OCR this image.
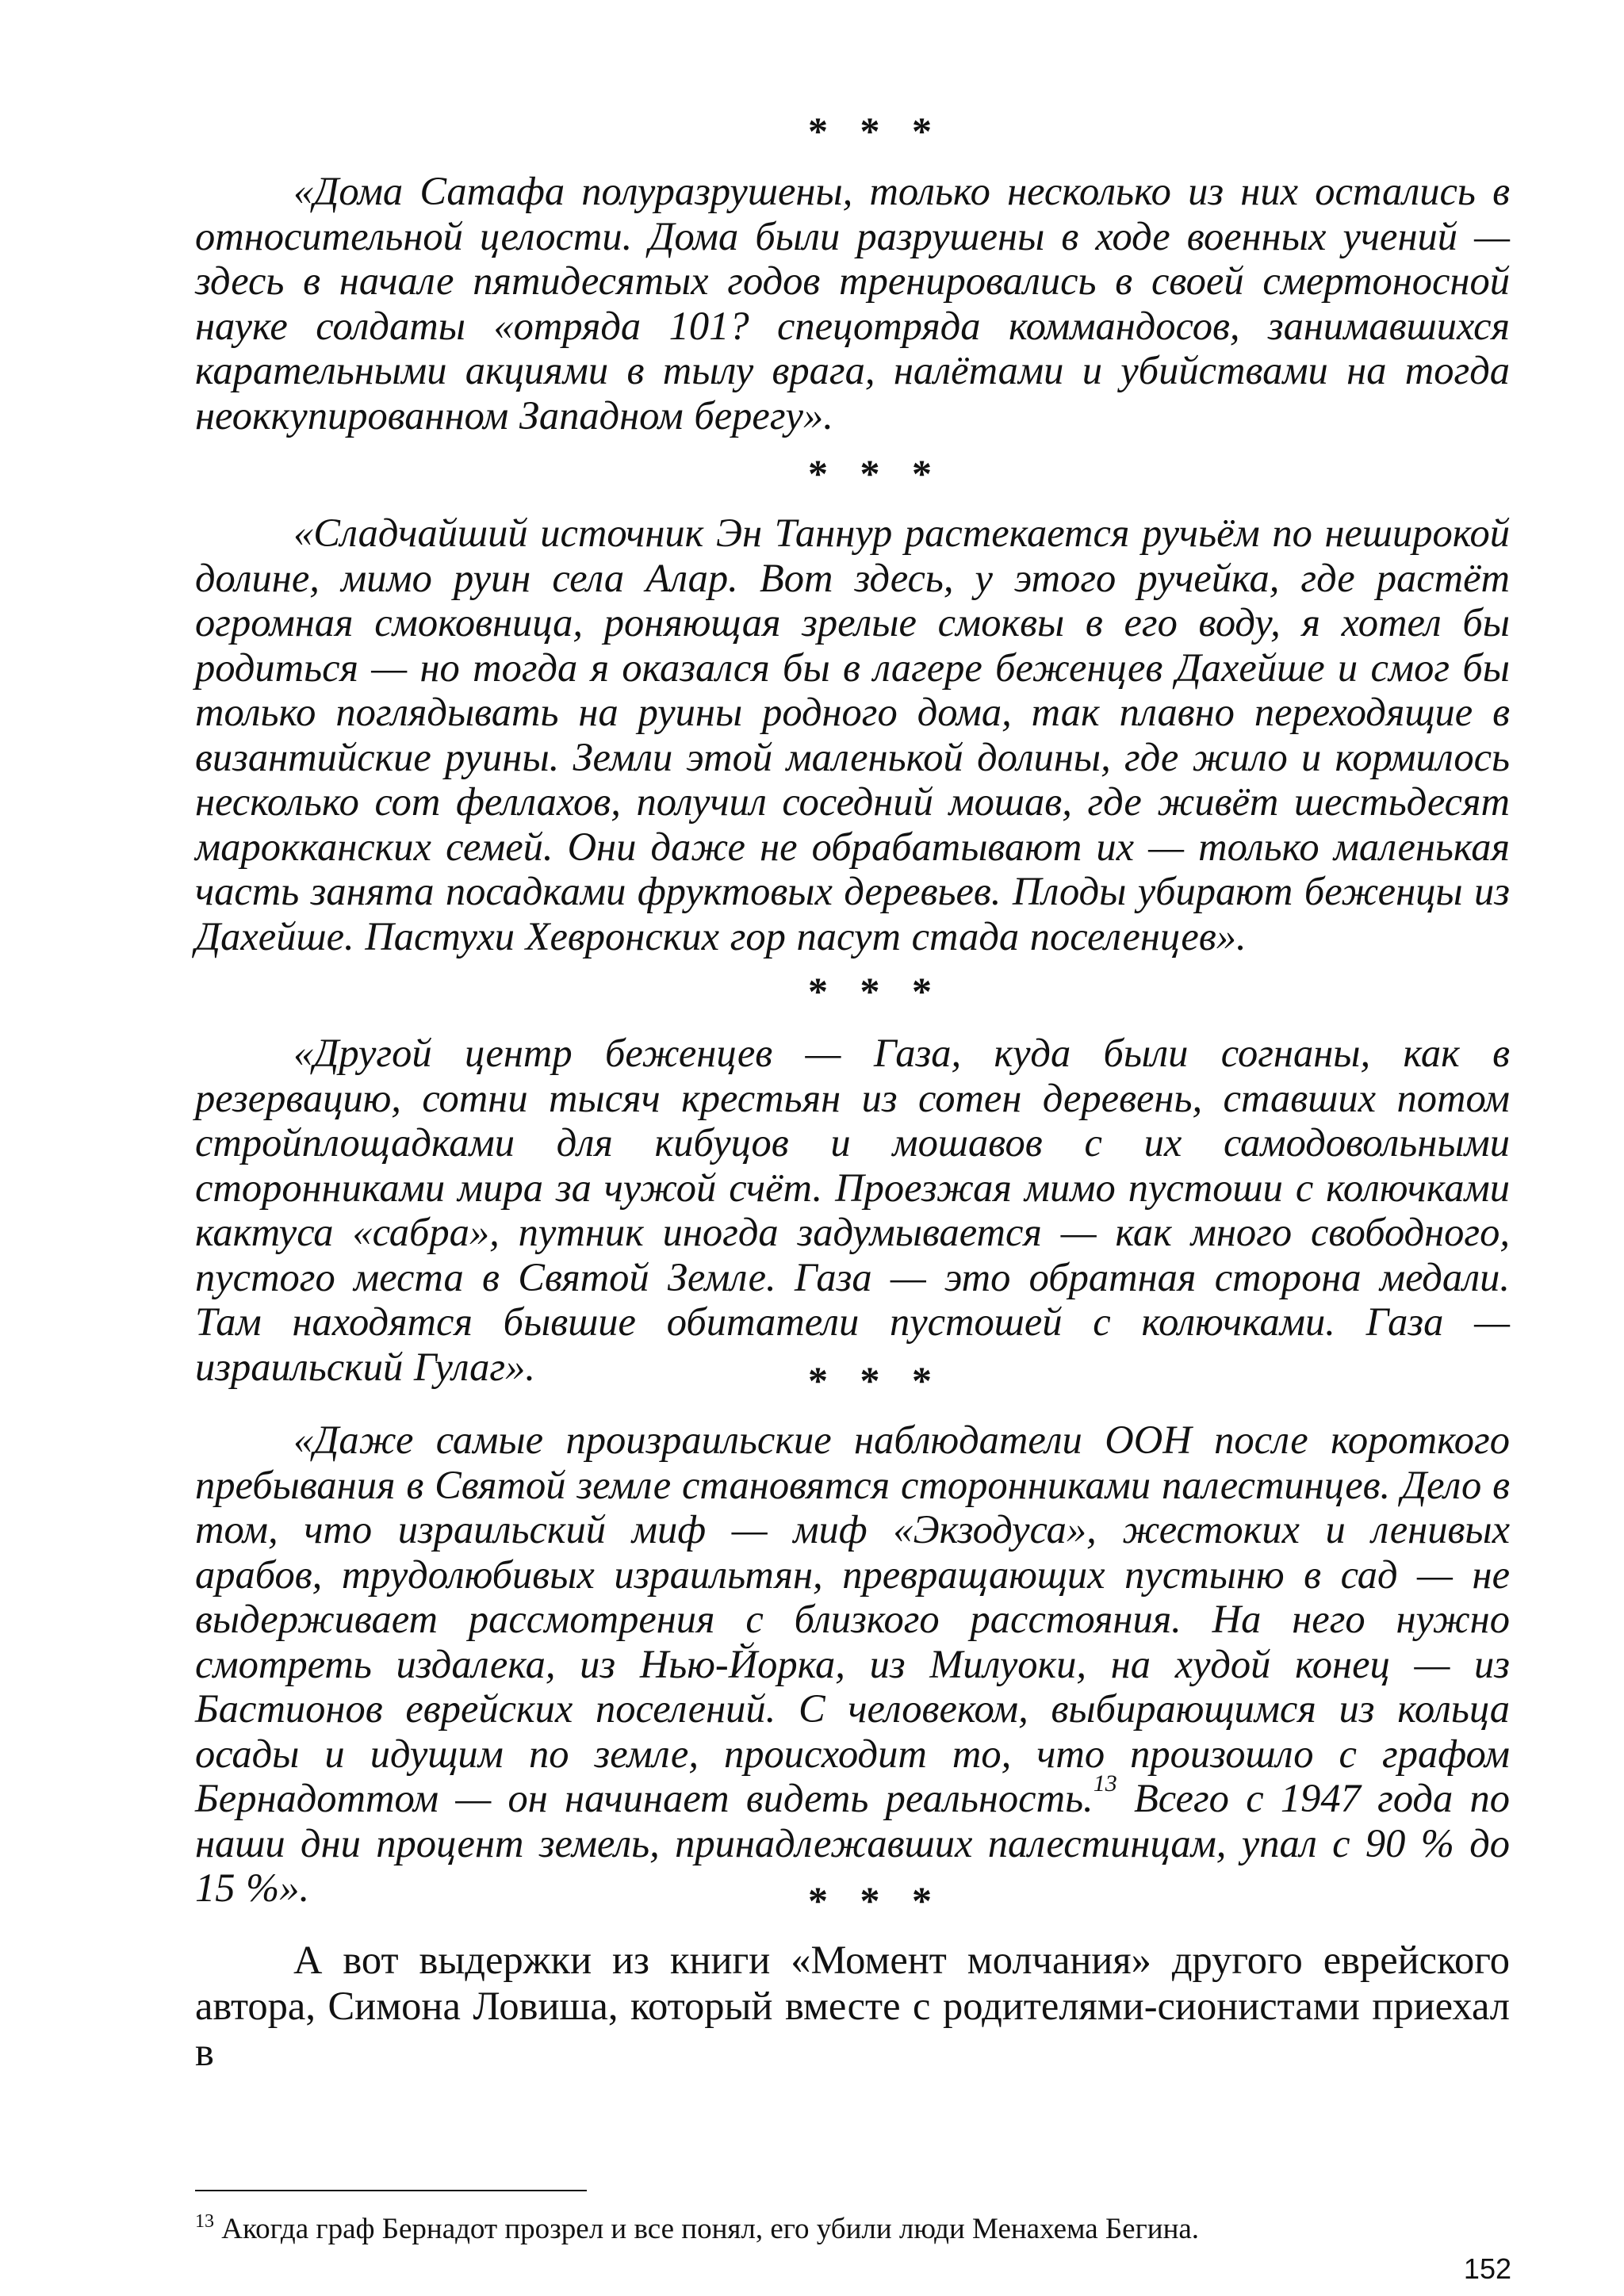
* * *

«Дома Сатафа полуразрушены, только несколько из них остались в относительной целости. Дома были разрушены в ходе военных учений — здесь в начале пятидесятых годов тренировались в своей смертоносной науке солдаты «отряда 101? спецотряда коммандосов, занимавшихся карательными акциями в тылу врага, налётами и убийствами на тогда неоккупированном Западном берегу».

* * *

«Сладчайший источник Эн Таннур растекается ручьём по неширокой долине, мимо руин села Алар. Вот здесь, у этого ручейка, где растёт огромная смоковница, роняющая зрелые смоквы в его воду, я хотел бы родиться — но тогда я оказался бы в лагере беженцев Дахейше и смог бы только поглядывать на руины родного дома, так плавно переходящие в византийские руины. Земли этой маленькой долины, где жило и кормилось несколько сот феллахов, получил соседний мошав, где живёт шестьдесят марокканских семей. Они даже не обрабатывают их — только маленькая часть занята посадками фруктовых деревьев. Плоды убирают беженцы из Дахейше. Пастухи Хевронских гор пасут стада поселенцев».

* * *

«Другой центр беженцев — Газа, куда были согнаны, как в резервацию, сотни тысяч крестьян из сотен деревень, ставших потом стройплощадками для кибуцов и мошавов с их самодовольными сторонниками мира за чужой счёт. Проезжая мимо пустоши с колючками кактуса «сабра», путник иногда задумывается — как много свободного, пустого места в Святой Земле. Газа — это обратная сторона медали. Там находятся бывшие обитатели пустошей с колючками. Газа — израильский Гулаг».	* * *

«Даже самые произраильские наблюдатели ООН после короткого пребывания в Святой земле становятся сторонниками палестинцев. Дело в том, что израильский миф — миф «Экзодуса», жестоких и ленивых арабов, трудолюбивых израильтян, превращающих пустыню в сад — не выдерживает рассмотрения с близкого расстояния. На него нужно смотреть издалека, из Нью-Йорка, из Милуоки, на худой конец — из Бастионов еврейских поселений. С человеком, выбирающимся из кольца осады и идущим по земле, происходит то, что произошло с графом Бернадоттом — он начинает видеть реальность.$^{13}$ Всего с 1947 года по наши дни процент земель, принадлежавших палестинцам, упал с 90 % до 15 %».	* * *

А вот выдержки из книги «Момент молчания» другого еврейского автора, Симона Ловиша, который вместе с родителями-сионистами приехал в

$^{13}$ Акогда граф Бернадот прозрел и все понял, его убили люди Менахема Бегина.
152
